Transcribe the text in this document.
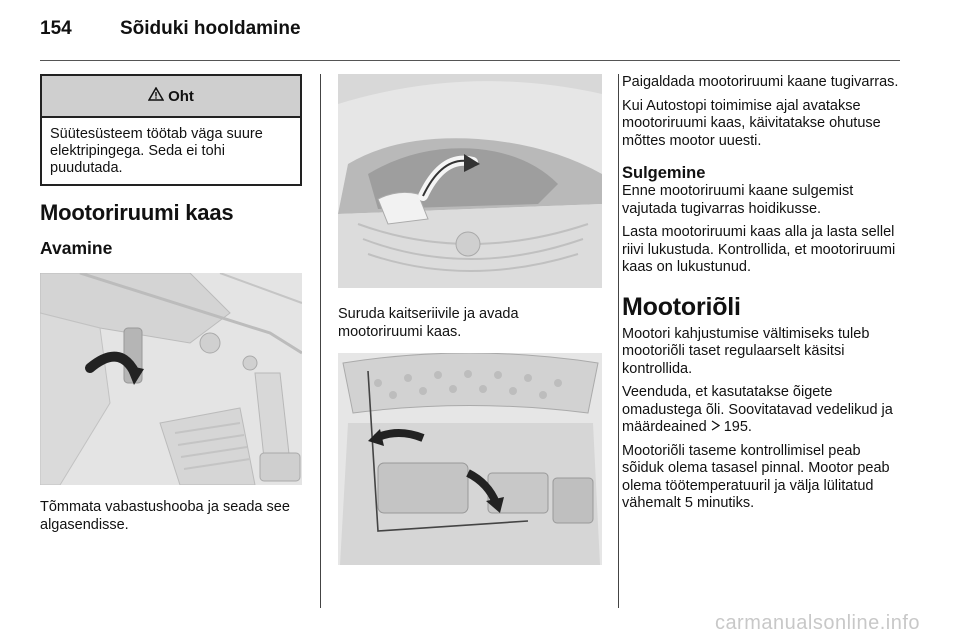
154	Sõiduki hooldamine
Oht
Süütesüsteem töötab väga suure elektripingega. Seda ei tohi puudutada.
Mootoriruumi kaas
Avamine

Tõmmata vabastushooba ja seada see algasendisse.

Suruda kaitseriivile ja avada mootoriruumi kaas.

Paigaldada mootoriruumi kaane tugivarras.

Kui Autostopi toimimise ajal avatakse mootoriruumi kaas, käivitatakse ohutuse mõttes mootor uuesti.

Sulgemine

Enne mootoriruumi kaane sulgemist vajutada tugivarras hoidikusse.

Lasta mootoriruumi kaas alla ja lasta sellel riivi lukustuda. Kontrollida, et mootoriruumi kaas on lukustunud.

Mootoriõli

Mootori kahjustumise vältimiseks tuleb mootoriõli taset regulaarselt käsitsi kontrollida.

Veenduda, et kasutatakse õigete omadustega õli. Soovitatavad vedelikud ja määrdeained 195.

Mootoriõli taseme kontrollimisel peab sõiduk olema tasasel pinnal. Mootor peab olema töötemperatuuril ja välja lülitatud vähemalt 5 minutiks.

carmanualsonline.info
